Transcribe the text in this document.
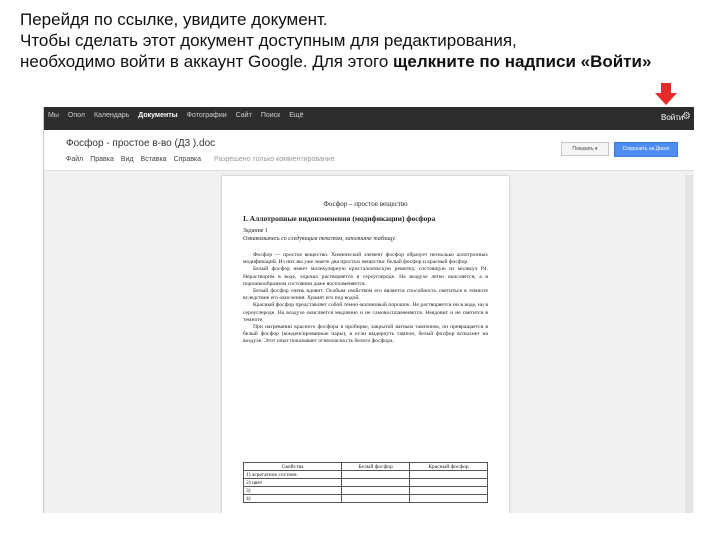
Перейдя по ссылке, увидите документ.
Чтобы сделать этот документ доступным для редактирования,
необходимо войти в аккаунт Google. Для этого щелкните по надписи «Войти»
Мы Опол Календарь Документы Фотографии Сайт Поиск Ещё	Войти
⚙
Фосфор - простое в-во (Д3 ).doc
Файл Правка Вид Вставка Справка Разрешено только комментирование
Показать ▾	Сохранить на Диске
Фосфор – простое вещество
I. Аллотропные видоизменения (модификации) фосфора
Задание 1
Ознакомьтесь со следующим текстом, заполните таблицу.

Фосфор — простое вещество. Химический элемент фосфор образует несколько аллотропных модификаций. Из них вы уже знаете два простых вещества: белый фосфор и красный фосфор.

Белый фосфор имеет молекулярную кристаллическую решетку, состоящую из молекул P4. Нерастворим в воде, хорошо растворяется в сероуглероде. На воздухе легко окисляется, а в порошкообразном состоянии даже воспламеняется.

Белый фосфор очень ядовит. Особым свойством его является способность светиться в темноте вследствие его окисления. Хранят его под водой.

Красный фосфор представляет собой темно-малиновый порошок. Не растворяется ни в воде, ни в сероуглероде. На воздухе окисляется медленно и не самовоспламеняется. Неядовит и не светится в темноте.

При нагревании красного фосфора в пробирке, закрытой ватным тампоном, он превращается в белый фосфор (конденсированные пары), и если выдернуть тампон, белый фосфор вспыхнет на воздухе. Этот опыт показывает огнеопасность белого фосфора.

Свойства	Белый фосфор	Красный фосфор
1) агрегатное состоян.		
2) цвет		
3)		
4)		
